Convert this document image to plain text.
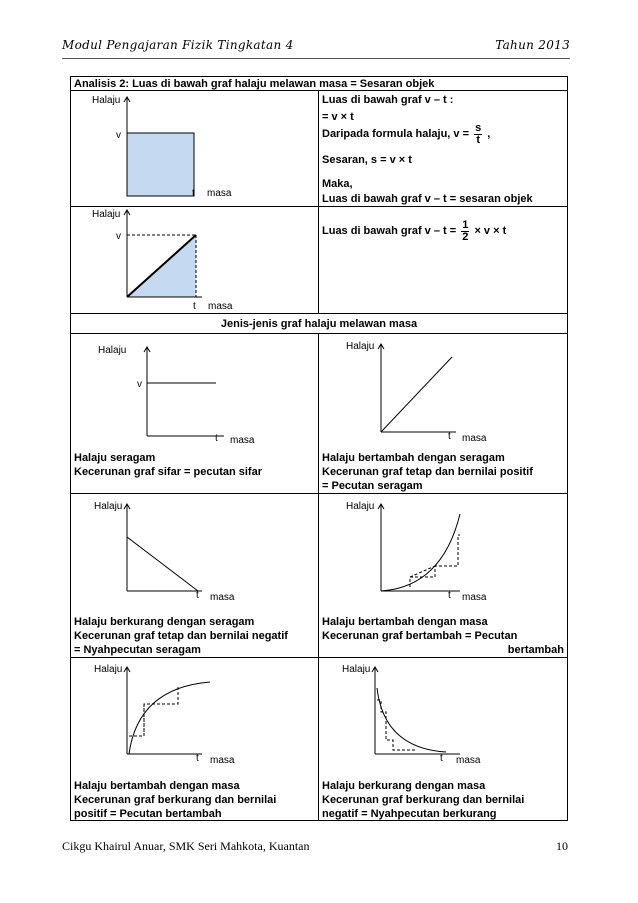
Modul Pengajaran Fizik Tingkatan 4	Tahun 2013
Cikgu Khairul Anuar, SMK Seri Mahkota, Kuantan	10
Analisis 2: Luas di bawah graf halaju melawan masa = Sesaran objek
Luas di bawah graf v – t :
= v × t
Daripada formula halaju, $v = \frac{s}{t}$ ,
Sesaran, s = v × t
Maka,
Luas di bawah graf v – t = sesaran objek
Luas di bawah graf $v - t = \frac{1}{2} \times v \times t$
Halaju
v
t masa
Halaju
v
t masa
Jenis-jenis graf halaju melawan masa
Halaju
v
t masa
Halaju
t masa
Halaju seragam
Kecerunan graf sifar = pecutan sifar
Halaju bertambah dengan seragam
Kecerunan graf tetap dan bernilai positif
= Pecutan seragam
Halaju
t masa
Halaju
t masa
Halaju berkurang dengan seragam
Kecerunan graf tetap dan bernilai negatif
= Nyahpecutan seragam
Halaju bertambah dengan masa
Kecerunan graf bertambah = Pecutan
bertambah
Halaju
t masa
Halaju
t masa
Halaju bertambah dengan masa
Kecerunan graf berkurang dan bernilai
positif = Pecutan bertambah
Halaju berkurang dengan masa
Kecerunan graf berkurang dan bernilai
negatif = Nyahpecutan berkurang
